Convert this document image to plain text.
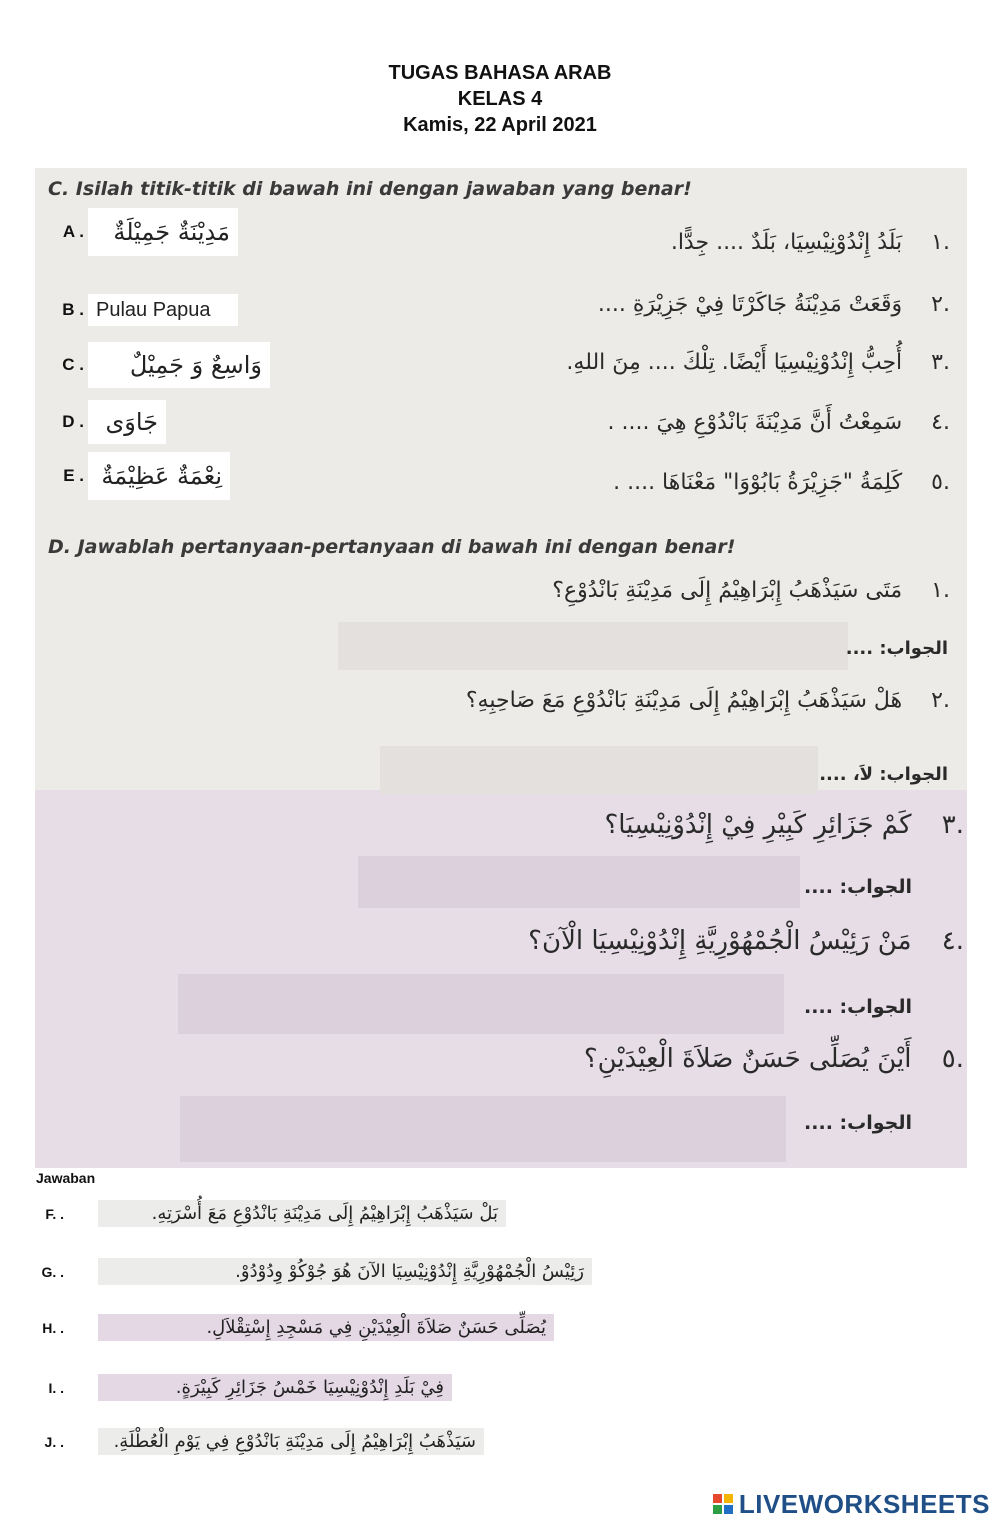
TUGAS BAHASA ARAB
KELAS 4
Kamis, 22 April 2021
C. Isilah titik-titik di bawah ini dengan jawaban yang benar!
.١ بَلَدُ إِنْدُوْنِيْسِيَا، بَلَدٌ .... جِدًّا.
.٢ وَقَعَتْ مَدِيْنَةُ جَاكَرْتَا فِيْ جَزِيْرَةِ ....
.٣ أُحِبُّ إِنْدُوْنِيْسِيَا أَيْضًا. تِلْكَ .... مِنَ اللهِ.
.٤ سَمِعْتُ أَنَّ مَدِيْنَةَ بَانْدُوْعِ هِيَ .... .
.٥ كَلِمَةُ "جَزِيْرَةُ بَابُوْوَا" مَعْنَاهَا .... .
A .	مَدِيْنَةٌ جَمِيْلَةٌ
B . Pulau Papua
C .	وَاسِعٌ وَ جَمِيْلٌ
D . جَاوَى
E . نِعْمَةٌ عَظِيْمَةٌ
D. Jawablah pertanyaan-pertanyaan di bawah ini dengan benar!
.١ مَتَى سَيَذْهَبُ إِبْرَاهِيْمُ إِلَى مَدِيْنَةِ بَانْدُوْعِ؟
الجواب: ....
.٢ هَلْ سَيَذْهَبُ إِبْرَاهِيْمُ إِلَى مَدِيْنَةِ بَانْدُوْعِ مَعَ صَاحِبِهِ؟
الجواب: لاَ، ....
.٣ كَمْ جَزَائِرِ كَبِيْرِ فِيْ إِنْدُوْنِيْسِيَا؟
الجواب: ....
.٤ مَنْ رَئِيْسُ الْجُمْهُوْرِيَّةِ إِنْدُوْنِيْسِيَا الْآنَ؟
الجواب: ....
.٥ أَيْنَ يُصَلِّى حَسَنٌ صَلاَةَ الْعِيْدَيْنِ؟
الجواب: ....
Jawaban
F. .	بَلْ سَيَذْهَبُ إِبْرَاهِيْمُ إِلَى مَدِيْنَةِ بَانْدُوْعِ مَعَ أُسْرَتِهِ.
G. .	رَئِيْسُ الْجُمْهُوْرِيَّةِ إِنْدُوْنِيْسِيَا الآنَ هُوَ جُوْكُوْ وِدُوْدُوْ.
H. .	يُصَلِّى حَسَنٌ صَلاَةَ الْعِيْدَيْنِ فِي مَسْجِدِ إِسْتِقْلاَلِ.
I. .	فِيْ بَلَدِ إِنْدُوْنِيْسِيَا خَمْسُ جَزَائِرِ كَبِيْرَةٍ.
J. .	سَيَذْهَبُ إِبْرَاهِيْمُ إِلَى مَدِيْنَةِ بَانْدُوْعِ فِي يَوْمِ الْعُطْلَةِ.
LIVEWORKSHEETS
